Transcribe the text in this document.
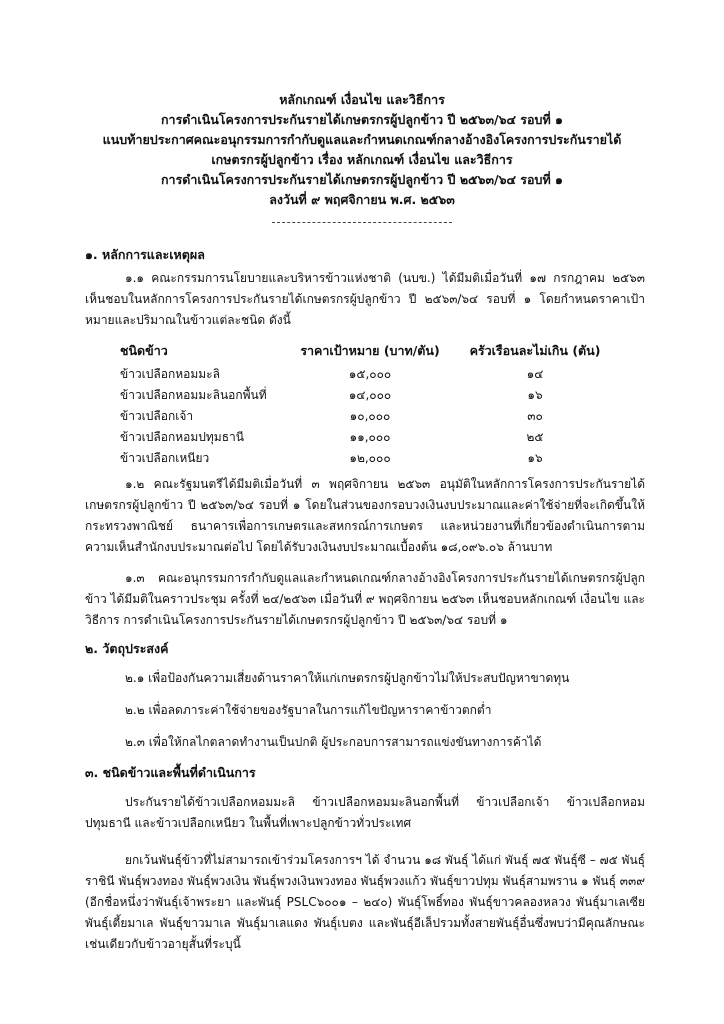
หลักเกณฑ์ เงื่อนไข และวิธีการ
การดำเนินโครงการประกันรายได้เกษตรกรผู้ปลูกข้าว ปี ๒๕๖๓/๖๔ รอบที่ ๑
แนบท้ายประกาศคณะอนุกรรมการกำกับดูแลและกำหนดเกณฑ์กลางอ้างอิงโครงการประกันรายได้
เกษตรกรผู้ปลูกข้าว เรื่อง หลักเกณฑ์ เงื่อนไข และวิธีการ
การดำเนินโครงการประกันรายได้เกษตรกรผู้ปลูกข้าว ปี ๒๕๖๓/๖๔ รอบที่ ๑
ลงวันที่ ๙ พฤศจิกายน พ.ศ. ๒๕๖๓
๑. หลักการและเหตุผล
๑.๑ คณะกรรมการนโยบายและบริหารข้าวแห่งชาติ (นบข.) ได้มีมติเมื่อวันที่ ๑๗ กรกฎาคม ๒๕๖๓ เห็นชอบในหลักการโครงการประกันรายได้เกษตรกรผู้ปลูกข้าว ปี ๒๕๖๓/๖๔ รอบที่ ๑ โดยกำหนดราคาเป้าหมายและปริมาณในข้าวแต่ละชนิด ดังนี้
ชนิดข้าว	ราคาเป้าหมาย (บาท/ตัน)	ครัวเรือนละไม่เกิน (ตัน)
ข้าวเปลือกหอมมะลิ	๑๕,๐๐๐	๑๔
ข้าวเปลือกหอมมะลินอกพื้นที่	๑๔,๐๐๐	๑๖
ข้าวเปลือกเจ้า	๑๐,๐๐๐	๓๐
ข้าวเปลือกหอมปทุมธานี	๑๑,๐๐๐	๒๕
ข้าวเปลือกเหนียว	๑๒,๐๐๐	๑๖
๑.๒ คณะรัฐมนตรีได้มีมติเมื่อวันที่ ๓ พฤศจิกายน ๒๕๖๓ อนุมัติในหลักการโครงการประกันรายได้เกษตรกรผู้ปลูกข้าว ปี ๒๕๖๓/๖๔ รอบที่ ๑ โดยในส่วนของกรอบวงเงินงบประมาณและค่าใช้จ่ายที่จะเกิดขึ้นให้กระทรวงพาณิชย์ ธนาคารเพื่อการเกษตรและสหกรณ์การเกษตร และหน่วยงานที่เกี่ยวข้องดำเนินการตามความเห็นสำนักงบประมาณต่อไป โดยได้รับวงเงินงบประมาณเบื้องต้น ๑๘,๐๙๖.๐๖ ล้านบาท
๑.๓ คณะอนุกรรมการกำกับดูแลและกำหนดเกณฑ์กลางอ้างอิงโครงการประกันรายได้เกษตรกรผู้ปลูกข้าว ได้มีมติในคราวประชุม ครั้งที่ ๒๔/๒๕๖๓ เมื่อวันที่ ๙ พฤศจิกายน ๒๕๖๓ เห็นชอบหลักเกณฑ์ เงื่อนไข และวิธีการ การดำเนินโครงการประกันรายได้เกษตรกรผู้ปลูกข้าว ปี ๒๕๖๓/๖๔ รอบที่ ๑
๒. วัตถุประสงค์
๒.๑ เพื่อป้องกันความเสี่ยงด้านราคาให้แก่เกษตรกรผู้ปลูกข้าวไม่ให้ประสบปัญหาขาดทุน
๒.๒ เพื่อลดภาระค่าใช้จ่ายของรัฐบาลในการแก้ไขปัญหาราคาข้าวตกต่ำ
๒.๓ เพื่อให้กลไกตลาดทำงานเป็นปกติ ผู้ประกอบการสามารถแข่งขันทางการค้าได้
๓. ชนิดข้าวและพื้นที่ดำเนินการ
ประกันรายได้ข้าวเปลือกหอมมะลิ ข้าวเปลือกหอมมะลินอกพื้นที่ ข้าวเปลือกเจ้า ข้าวเปลือกหอมปทุมธานี และข้าวเปลือกเหนียว ในพื้นที่เพาะปลูกข้าวทั่วประเทศ
ยกเว้นพันธุ์ข้าวที่ไม่สามารถเข้าร่วมโครงการฯ ได้ จำนวน ๑๘ พันธุ์ ได้แก่ พันธุ์ ๗๕ พันธุ์ซี – ๗๕ พันธุ์ราชินี พันธุ์พวงทอง พันธุ์พวงเงิน พันธุ์พวงเงินพวงทอง พันธุ์พวงแก้ว พันธุ์ขาวปทุม พันธุ์สามพราน ๑ พันธุ์ ๓๓๙ (อีกชื่อหนึ่งว่าพันธุ์เจ้าพระยา และพันธุ์ PSLC๖๐๐๑ – ๒๔๐) พันธุ์โพธิ์ทอง พันธุ์ขาวคลองหลวง พันธุ์มาเลเซีย พันธุ์เตี้ยมาเล พันธุ์ขาวมาเล พันธุ์มาเลแดง พันธุ์เบตง และพันธุ์อีเล็ปรวมทั้งสายพันธุ์อื่นซึ่งพบว่ามีคุณลักษณะเช่นเดียวกับข้าวอายุสั้นที่ระบุนี้
